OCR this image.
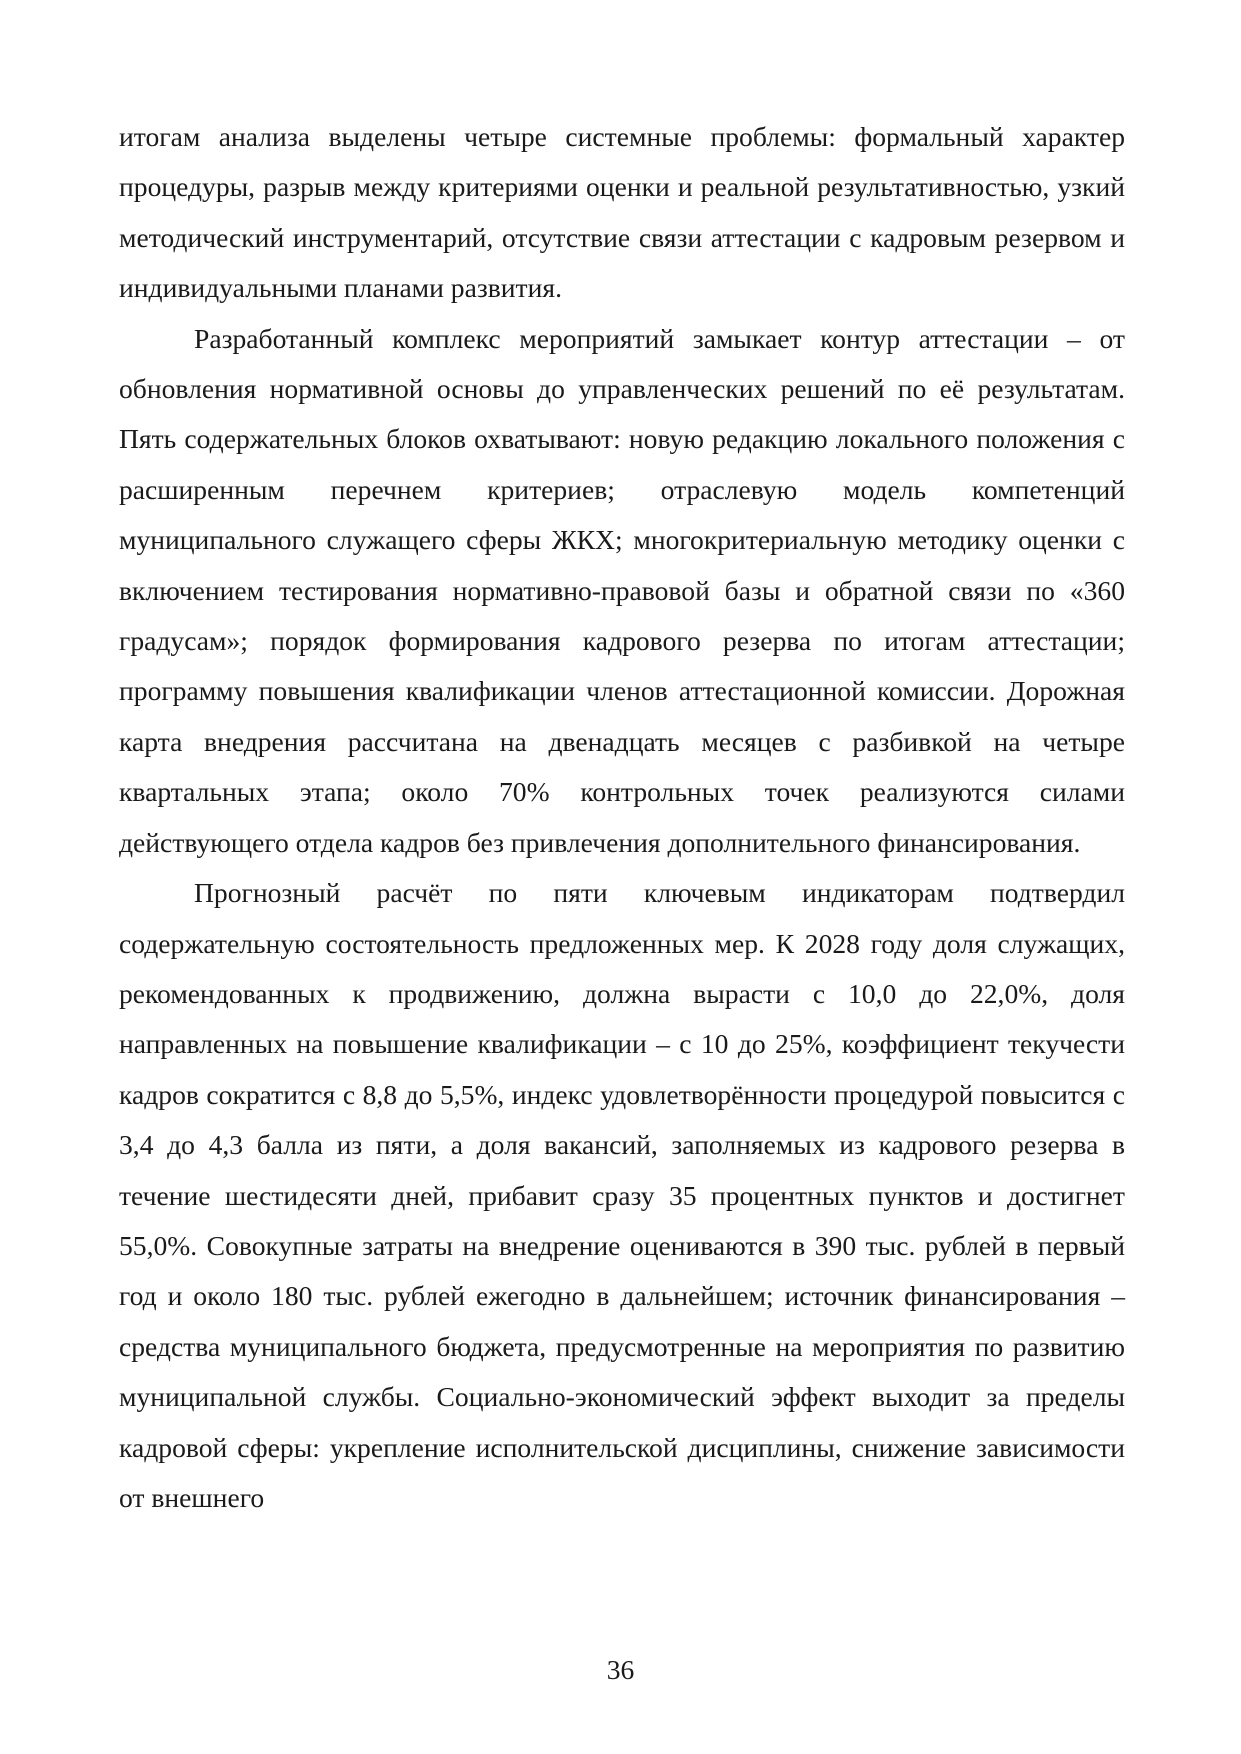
итогам анализа выделены четыре системные проблемы: формальный характер процедуры, разрыв между критериями оценки и реальной результативностью, узкий методический инструментарий, отсутствие связи аттестации с кадровым резервом и индивидуальными планами развития.

Разработанный комплекс мероприятий замыкает контур аттестации – от обновления нормативной основы до управленческих решений по её результатам. Пять содержательных блоков охватывают: новую редакцию локального положения с расширенным перечнем критериев; отраслевую модель компетенций муниципального служащего сферы ЖКХ; многокритериальную методику оценки с включением тестирования нормативно-правовой базы и обратной связи по «360 градусам»; порядок формирования кадрового резерва по итогам аттестации; программу повышения квалификации членов аттестационной комиссии. Дорожная карта внедрения рассчитана на двенадцать месяцев с разбивкой на четыре квартальных этапа; около 70% контрольных точек реализуются силами действующего отдела кадров без привлечения дополнительного финансирования.

Прогнозный расчёт по пяти ключевым индикаторам подтвердил содержательную состоятельность предложенных мер. К 2028 году доля служащих, рекомендованных к продвижению, должна вырасти с 10,0 до 22,0%, доля направленных на повышение квалификации – с 10 до 25%, коэффициент текучести кадров сократится с 8,8 до 5,5%, индекс удовлетворённости процедурой повысится с 3,4 до 4,3 балла из пяти, а доля вакансий, заполняемых из кадрового резерва в течение шестидесяти дней, прибавит сразу 35 процентных пунктов и достигнет 55,0%. Совокупные затраты на внедрение оцениваются в 390 тыс. рублей в первый год и около 180 тыс. рублей ежегодно в дальнейшем; источник финансирования – средства муниципального бюджета, предусмотренные на мероприятия по развитию муниципальной службы. Социально-экономический эффект выходит за пределы кадровой сферы: укрепление исполнительской дисциплины, снижение зависимости от внешнего

36
